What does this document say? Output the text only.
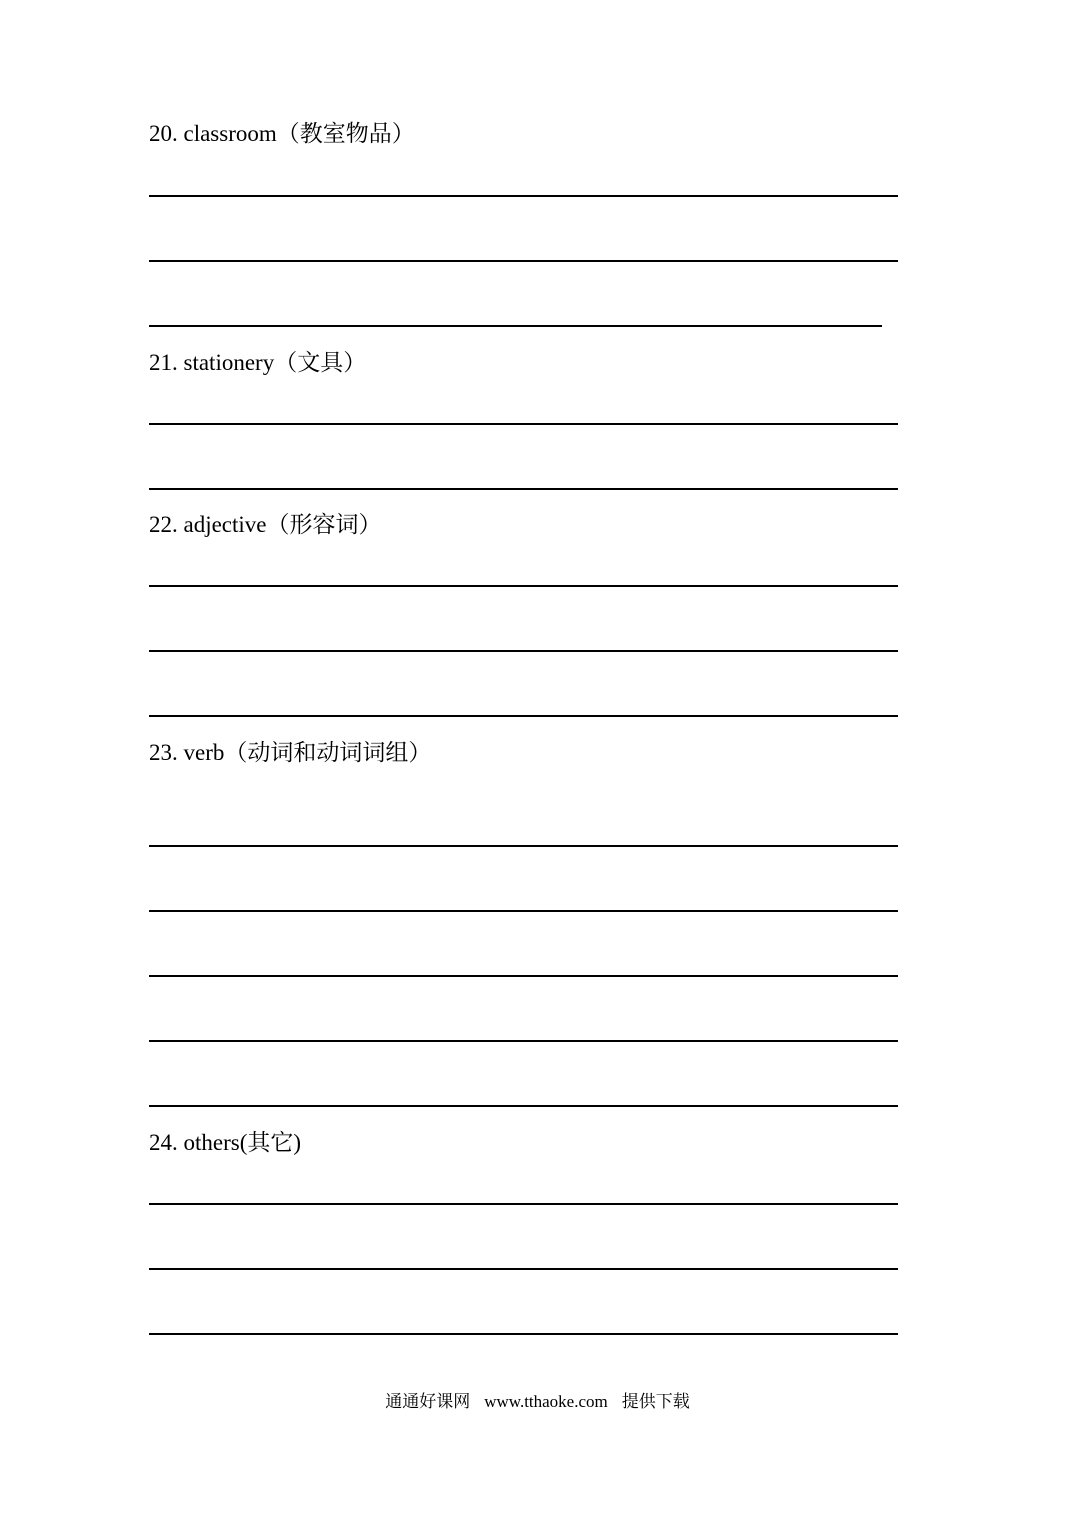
20. classroom（教室物品）
21. stationery（文具）
22. adjective（形容词）
23. verb（动词和动词词组）
24. others(其它)
通通好课网 www.tthaoke.com 提供下载
